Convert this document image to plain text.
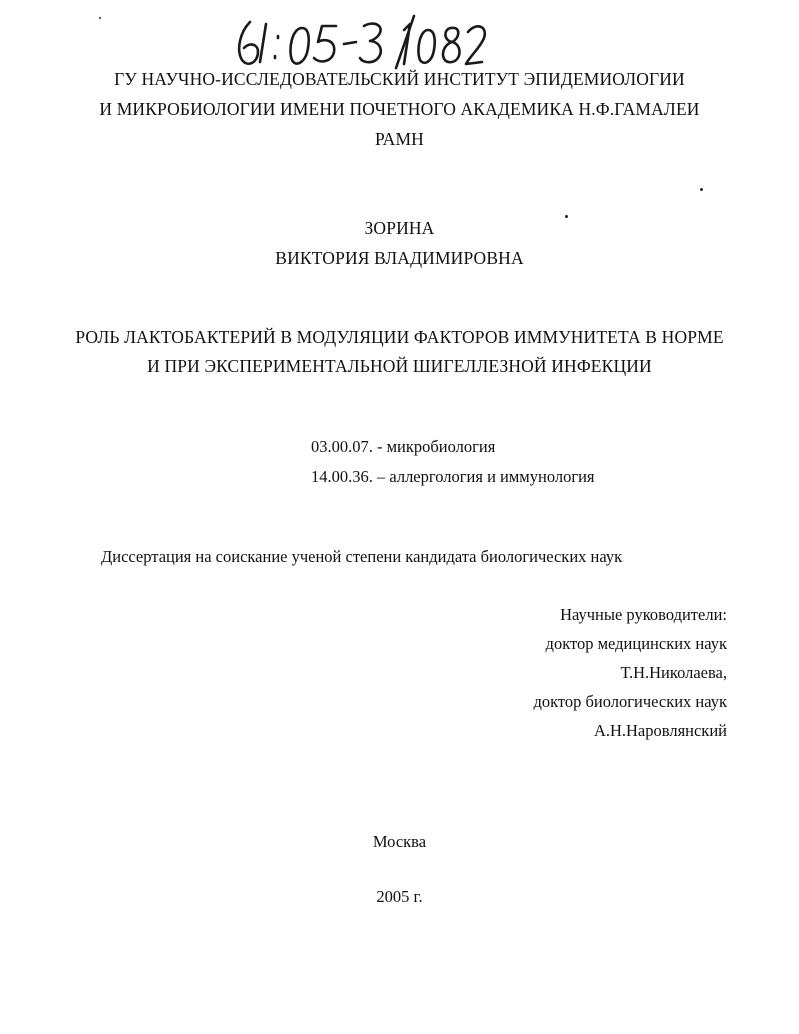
ГУ НАУЧНО-ИССЛЕДОВАТЕЛЬСКИЙ ИНСТИТУТ ЭПИДЕМИОЛОГИИ
И МИКРОБИОЛОГИИ ИМЕНИ ПОЧЕТНОГО АКАДЕМИКА Н.Ф.ГАМАЛЕИ
РАМН
ЗОРИНА
ВИКТОРИЯ ВЛАДИМИРОВНА
РОЛЬ ЛАКТОБАКТЕРИЙ В МОДУЛЯЦИИ ФАКТОРОВ ИММУНИТЕТА В НОРМЕ
И ПРИ ЭКСПЕРИМЕНТАЛЬНОЙ ШИГЕЛЛЕЗНОЙ ИНФЕКЦИИ
03.00.07. - микробиология
14.00.36. – аллергология и иммунология
Диссертация на соискание ученой степени кандидата биологических наук
Научные руководители:
доктор медицинских наук
Т.Н.Николаева,
доктор биологических наук
А.Н.Наровлянский
Москва
2005 г.
